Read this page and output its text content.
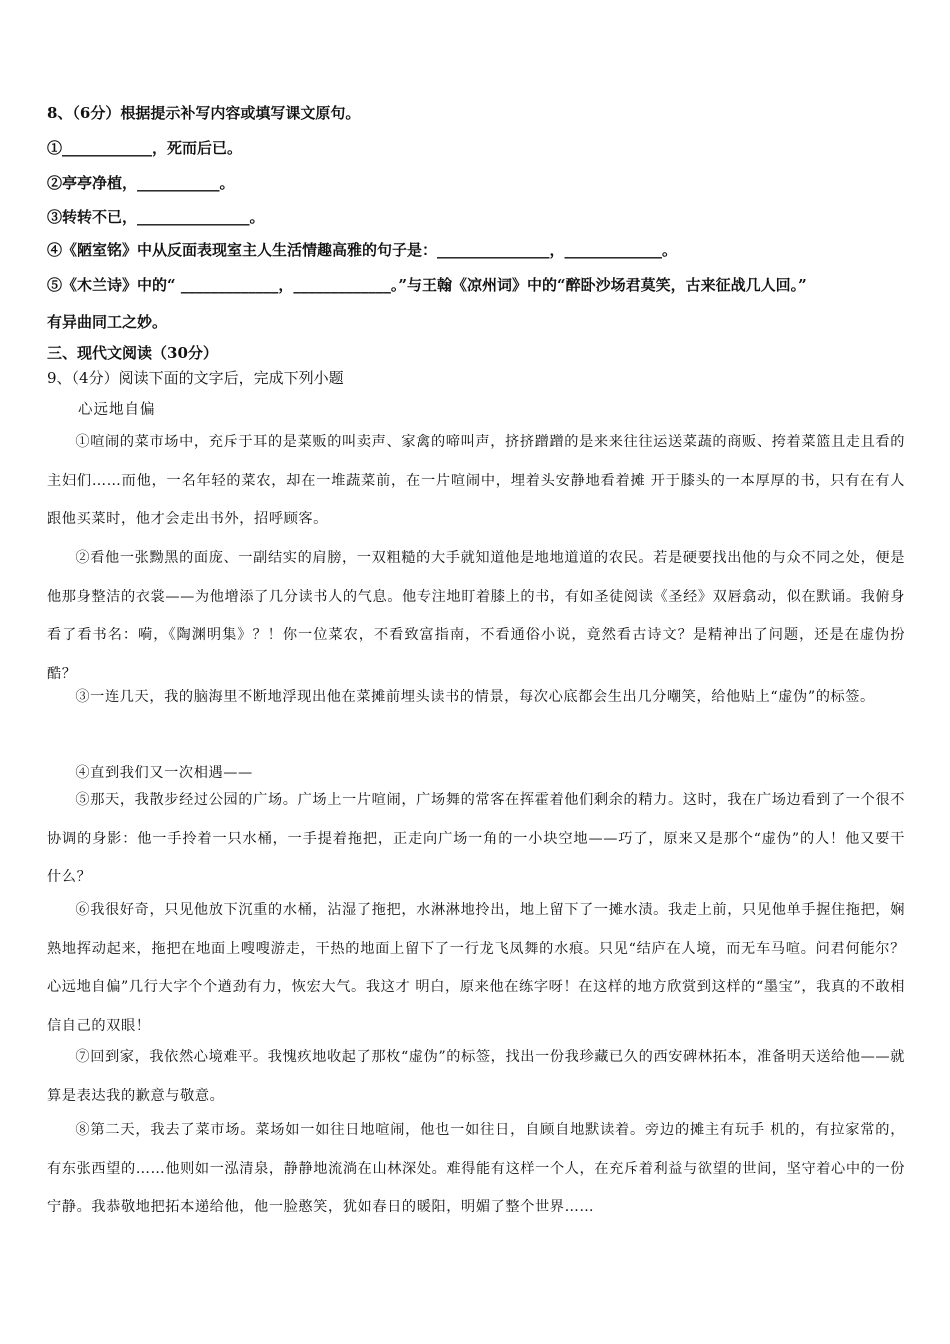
8、（6分）根据提示补写内容或填写课文原句。
①____________，死而后已。
②亭亭净植，___________。
③转转不已，_______________。
④《陋室铭》中从反面表现室主人生活情趣高雅的句子是：_______________，_____________。
⑤《木兰诗》中的“ _____________，_____________。”与王翰《凉州词》中的“醉卧沙场君莫笑，古来征战几人回。”
有异曲同工之妙。
三、现代文阅读（30分）
9、（4分）阅读下面的文字后，完成下列小题
心远地自偏
①喧闹的菜市场中，充斥于耳的是菜贩的叫卖声、家禽的啼叫声，挤挤蹭蹭的是来来往往运送菜蔬的商贩、挎着菜篮且走且看的主妇们……而他，一名年轻的菜农，却在一堆蔬菜前，在一片喧闹中，埋着头安静地看着摊 开于膝头的一本厚厚的书，只有在有人跟他买菜时，他才会走出书外，招呼顾客。
②看他一张黝黑的面庞、一副结实的肩膀，一双粗糙的大手就知道他是地地道道的农民。若是硬要找出他的与众不同之处，便是他那身整洁的衣裳——为他增添了几分读书人的气息。他专注地盯着膝上的书，有如圣徒阅读《圣经》双唇翕动，似在默诵。我俯身看了看书名：嗬，《陶渊明集》？！你一位菜农，不看致富指南，不看通俗小说，竟然看古诗文？是精神出了问题，还是在虚伪扮酷？
③一连几天，我的脑海里不断地浮现出他在菜摊前埋头读书的情景，每次心底都会生出几分嘲笑，给他贴上“虚伪”的标签。
④直到我们又一次相遇——
⑤那天，我散步经过公园的广场。广场上一片喧闹，广场舞的常客在挥霍着他们剩余的精力。这时，我在广场边看到了一个很不协调的身影：他一手拎着一只水桶，一手提着拖把，正走向广场一角的一小块空地——巧了，原来又是那个“虚伪”的人！他又要干什么？
⑥我很好奇，只见他放下沉重的水桶，沾湿了拖把，水淋淋地拎出，地上留下了一摊水渍。我走上前，只见他单手握住拖把，娴熟地挥动起来，拖把在地面上嗖嗖游走，干热的地面上留下了一行龙飞凤舞的水痕。只见“结庐在人境，而无车马喧。问君何能尔？心远地自偏”几行大字个个遒劲有力，恢宏大气。我这才 明白，原来他在练字呀！在这样的地方欣赏到这样的“墨宝”，我真的不敢相信自己的双眼！
⑦回到家，我依然心境难平。我愧疚地收起了那枚“虚伪”的标签，找出一份我珍藏已久的西安碑林拓本，准备明天送给他——就算是表达我的歉意与敬意。
⑧第二天，我去了菜市场。菜场如一如往日地喧闹，他也一如往日，自顾自地默读着。旁边的摊主有玩手 机的，有拉家常的，有东张西望的……他则如一泓清泉，静静地流淌在山林深处。难得能有这样一个人，在充斥着利益与欲望的世间，坚守着心中的一份宁静。我恭敬地把拓本递给他，他一脸憨笑，犹如春日的暖阳，明媚了整个世界……
